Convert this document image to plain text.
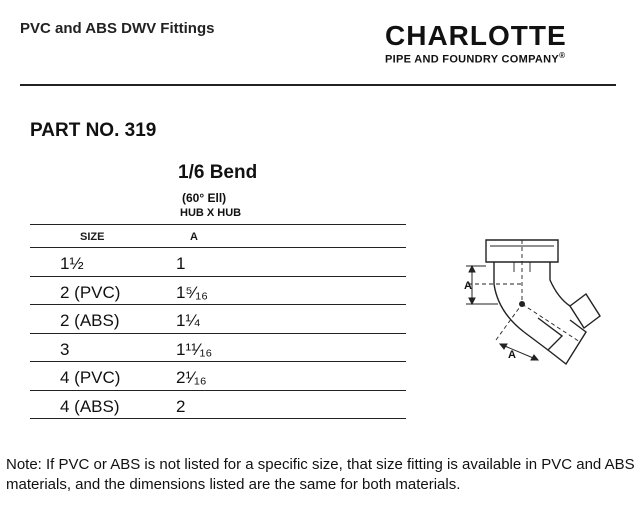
PVC and ABS DWV Fittings	CHARLOTTE
PIPE AND FOUNDRY COMPANY®
PART NO. 319
1/6 Bend
(60° Ell)
HUB X HUB
SIZE	A
1½	1
2 (PVC)	1⁵⁄₁₆
2 (ABS)	1¼
3	1¹¹⁄₁₆
4 (PVC)	2¹⁄₁₆
4 (ABS)	2
A
A
Note: If PVC or ABS is not listed for a specific size, that size fitting is available in PVC and ABS materials, and the dimensions listed are the same for both materials.
